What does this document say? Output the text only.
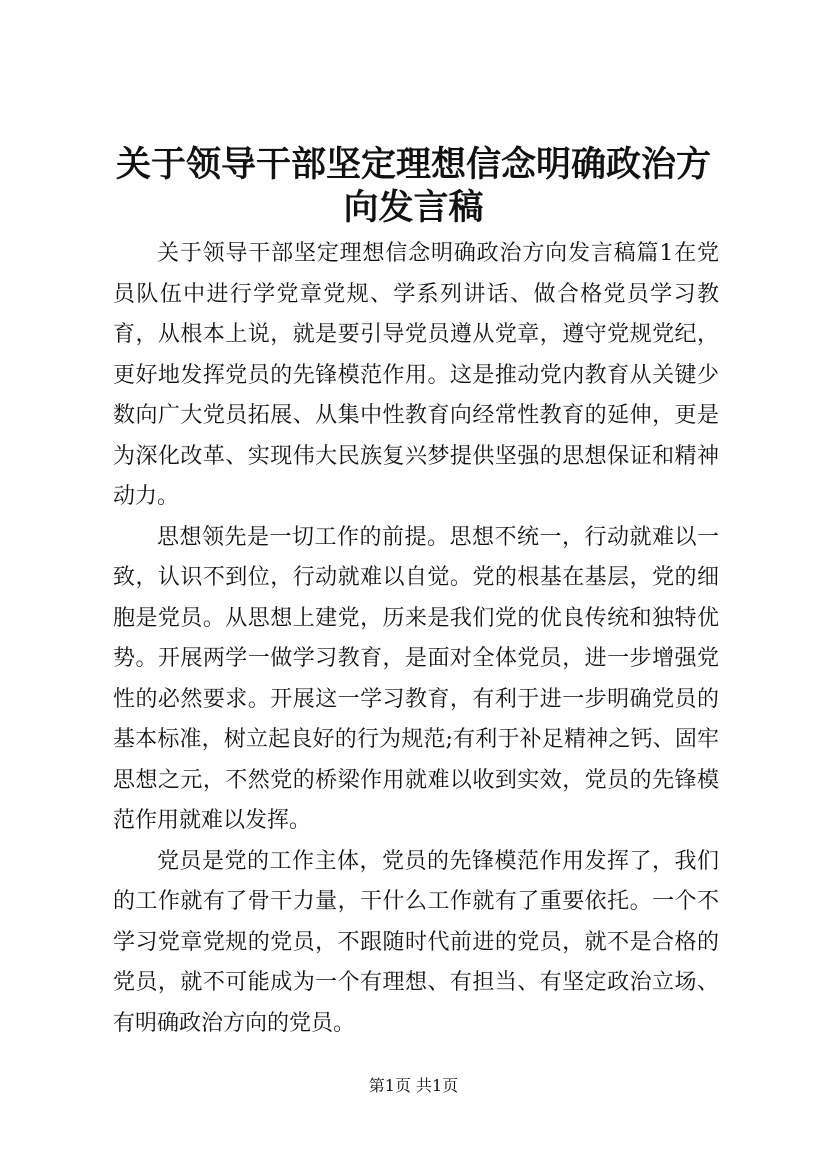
关于领导干部坚定理想信念明确政治方向发言稿

关于领导干部坚定理想信念明确政治方向发言稿篇1在党员队伍中进行学党章党规、学系列讲话、做合格党员学习教育，从根本上说，就是要引导党员遵从党章，遵守党规党纪，更好地发挥党员的先锋模范作用。这是推动党内教育从关键少数向广大党员拓展、从集中性教育向经常性教育的延伸，更是为深化改革、实现伟大民族复兴梦提供坚强的思想保证和精神动力。

思想领先是一切工作的前提。思想不统一，行动就难以一致，认识不到位，行动就难以自觉。党的根基在基层，党的细胞是党员。从思想上建党，历来是我们党的优良传统和独特优势。开展两学一做学习教育，是面对全体党员，进一步增强党性的必然要求。开展这一学习教育，有利于进一步明确党员的基本标准，树立起良好的行为规范;有利于补足精神之钙、固牢思想之元，不然党的桥梁作用就难以收到实效，党员的先锋模范作用就难以发挥。

党员是党的工作主体，党员的先锋模范作用发挥了，我们的工作就有了骨干力量，干什么工作就有了重要依托。一个不学习党章党规的党员，不跟随时代前进的党员，就不是合格的党员，就不可能成为一个有理想、有担当、有坚定政治立场、有明确政治方向的党员。

第1页 共1页
